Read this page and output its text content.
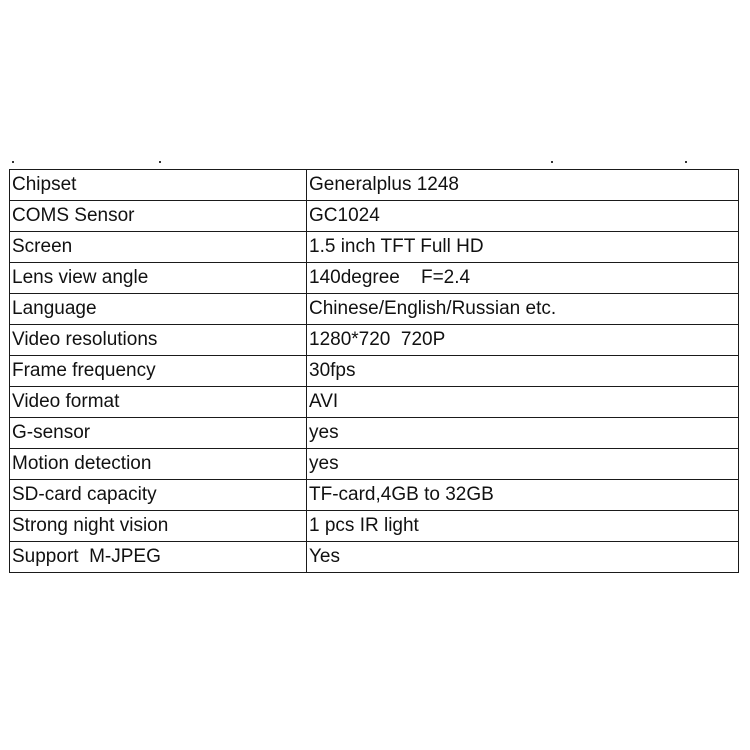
Chipset	Generalplus 1248
COMS Sensor	GC1024
Screen	1.5 inch TFT Full HD
Lens view angle	140degree    F=2.4
Language	Chinese/English/Russian etc.
Video resolutions	1280*720  720P
Frame frequency	30fps
Video format	AVI
G-sensor	yes
Motion detection	yes
SD-card capacity	TF-card,4GB to 32GB
Strong night vision	1 pcs IR light
Support  M-JPEG	Yes
